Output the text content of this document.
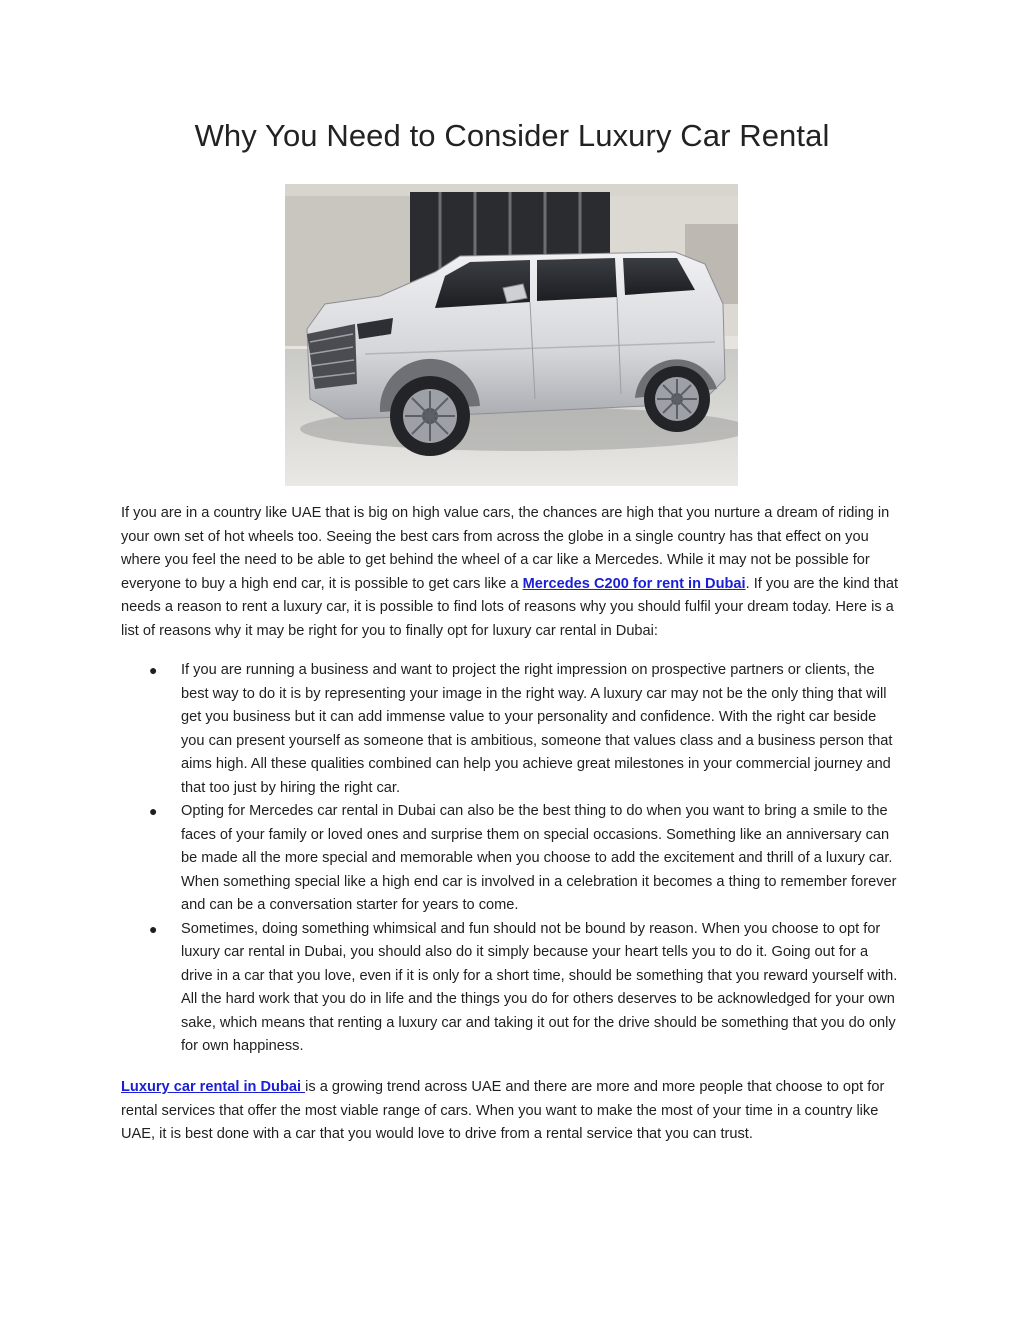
Why You Need to Consider Luxury Car Rental

If you are in a country like UAE that is big on high value cars, the chances are high that you nurture a dream of riding in your own set of hot wheels too. Seeing the best cars from across the globe in a single country has that effect on you where you feel the need to be able to get behind the wheel of a car like a Mercedes. While it may not be possible for everyone to buy a high end car, it is possible to get cars like a Mercedes C200 for rent in Dubai. If you are the kind that needs a reason to rent a luxury car, it is possible to find lots of reasons why you should fulfil your dream today. Here is a list of reasons why it may be right for you to finally opt for luxury car rental in Dubai:

● If you are running a business and want to project the right impression on prospective partners or clients, the best way to do it is by representing your image in the right way. A luxury car may not be the only thing that will get you business but it can add immense value to your personality and confidence. With the right car beside you can present yourself as someone that is ambitious, someone that values class and a business person that aims high. All these qualities combined can help you achieve great milestones in your commercial journey and that too just by hiring the right car.
● Opting for Mercedes car rental in Dubai can also be the best thing to do when you want to bring a smile to the faces of your family or loved ones and surprise them on special occasions. Something like an anniversary can be made all the more special and memorable when you choose to add the excitement and thrill of a luxury car. When something special like a high end car is involved in a celebration it becomes a thing to remember forever and can be a conversation starter for years to come.
● Sometimes, doing something whimsical and fun should not be bound by reason. When you choose to opt for luxury car rental in Dubai, you should also do it simply because your heart tells you to do it. Going out for a drive in a car that you love, even if it is only for a short time, should be something that you reward yourself with. All the hard work that you do in life and the things you do for others deserves to be acknowledged for your own sake, which means that renting a luxury car and taking it out for the drive should be something that you do only for own happiness.

Luxury car rental in Dubai is a growing trend across UAE and there are more and more people that choose to opt for rental services that offer the most viable range of cars. When you want to make the most of your time in a country like UAE, it is best done with a car that you would love to drive from a rental service that you can trust.
